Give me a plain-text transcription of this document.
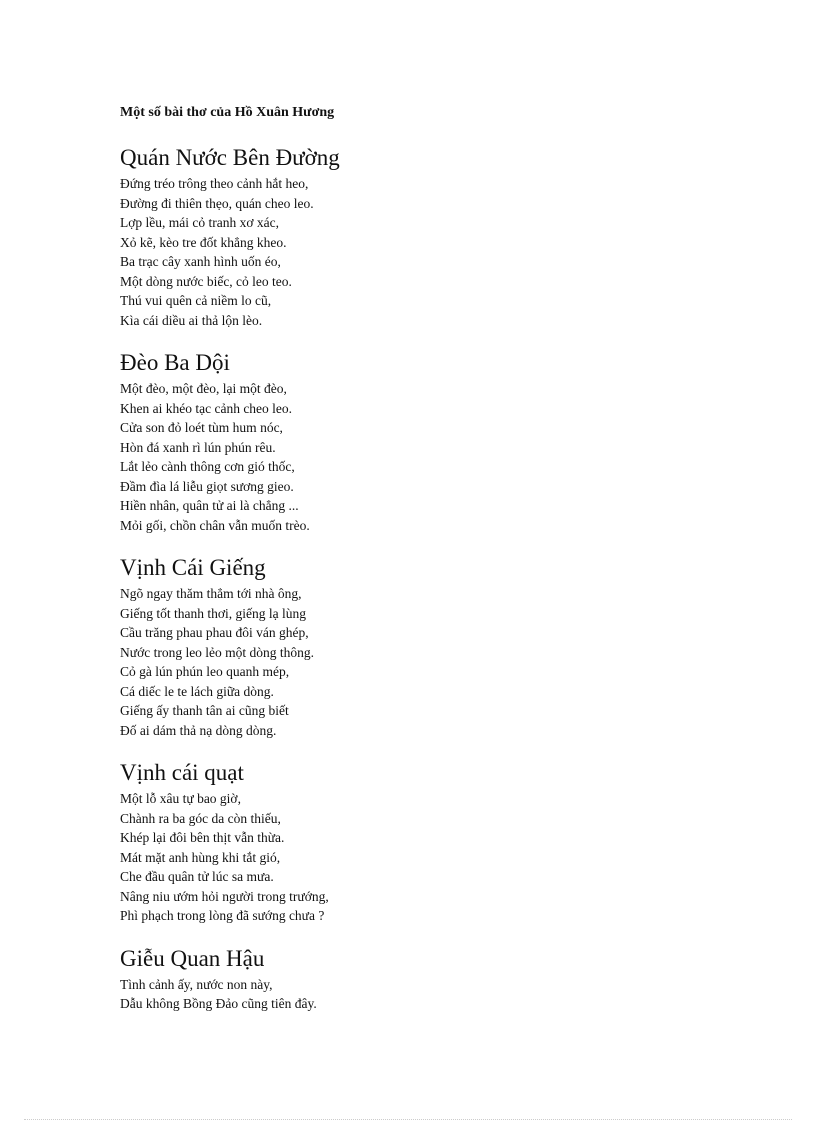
Một số bài thơ của Hồ Xuân Hương
Quán Nước Bên Đường
Đứng tréo trông theo cảnh hắt heo,
Đường đi thiên thẹo, quán cheo leo.
Lợp lều, mái cỏ tranh xơ xác,
Xỏ kẽ, kèo tre đốt khẳng kheo.
Ba trạc cây xanh hình uốn éo,
Một dòng nước biếc, cỏ leo teo.
Thú vui quên cả niềm lo cũ,
Kìa cái diều ai thả lộn lèo.
Đèo Ba Dội
Một đèo, một đèo, lại một đèo,
Khen ai khéo tạc cảnh cheo leo.
Cửa son đỏ loét tùm hum nóc,
Hòn đá xanh rì lún phún rêu.
Lắt lẻo cành thông cơn gió thốc,
Đầm đìa lá liễu giọt sương gieo.
Hiền nhân, quân tử ai là chẳng ...
Mỏi gối, chồn chân vẫn muốn trèo.
Vịnh Cái Giếng
Ngõ ngay thăm thẳm tới nhà ông,
Giếng tốt thanh thơi, giếng lạ lùng
Cầu trăng phau phau đôi ván ghép,
Nước trong leo lẻo một dòng thông.
Cỏ gà lún phún leo quanh mép,
Cá diếc le te lách giữa dòng.
Giếng ấy thanh tân ai cũng biết
Đố ai dám thả nạ dòng dòng.
Vịnh cái quạt
Một lỗ xâu tự bao giờ,
Chành ra ba góc da còn thiếu,
Khép lại đôi bên thịt vẫn thừa.
Mát mặt anh hùng khi tắt gió,
Che đầu quân tử lúc sa mưa.
Nâng niu ướm hỏi người trong trướng,
Phì phạch trong lòng đã sướng chưa ?
Giễu Quan Hậu
Tình cảnh ấy, nước non này,
Dẫu không Bồng Đảo cũng tiên đây.
